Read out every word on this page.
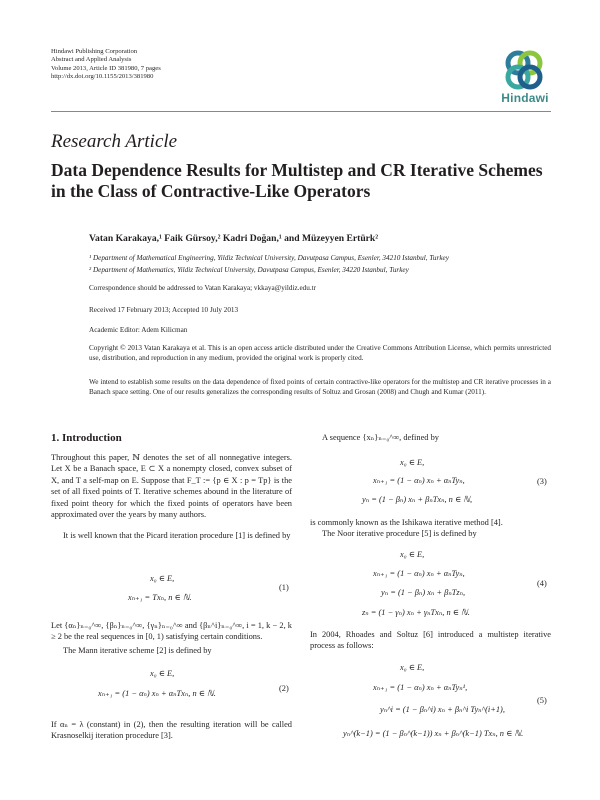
Hindawi Publishing Corporation
Abstract and Applied Analysis
Volume 2013, Article ID 381980, 7 pages
http://dx.doi.org/10.1155/2013/381980
Hindawi
Research Article
Data Dependence Results for Multistep and CR Iterative Schemes in the Class of Contractive-Like Operators
Vatan Karakaya,¹ Faik Gürsoy,² Kadri Doğan,¹ and Müzeyyen Ertürk²
¹ Department of Mathematical Engineering, Yildiz Technical University, Davutpasa Campus, Esenler, 34210 Istanbul, Turkey
² Department of Mathematics, Yildiz Technical University, Davutpasa Campus, Esenler, 34220 Istanbul, Turkey
Correspondence should be addressed to Vatan Karakaya; vkkaya@yildiz.edu.tr
Received 17 February 2013; Accepted 10 July 2013
Academic Editor: Adem Kilicman
Copyright © 2013 Vatan Karakaya et al. This is an open access article distributed under the Creative Commons Attribution License, which permits unrestricted use, distribution, and reproduction in any medium, provided the original work is properly cited.
We intend to establish some results on the data dependence of fixed points of certain contractive-like operators for the multistep and CR iterative processes in a Banach space setting. One of our results generalizes the corresponding results of Soltuz and Grosan (2008) and Chugh and Kumar (2011).
1. Introduction
Throughout this paper, ℕ denotes the set of all nonnegative integers. Let X be a Banach space, E ⊂ X a nonempty closed, convex subset of X, and T a self-map on E. Suppose that F_T := {p ∈ X : p = Tp} is the set of all fixed points of T. Iterative schemes abound in the literature of fixed point theory for which the fixed points of operators have been approximated over the years by many authors.
It is well known that the Picard iteration procedure [1] is defined by
x₀ ∈ E,
xₙ₊₁ = Txₙ, n ∈ ℕ.
(1)
Let {αₙ}ₙ₌₀^∞, {βₙ}ₙ₌₀^∞, {γₙ}ₙ₌₀^∞ and {βₙ^i}ₙ₌₀^∞, i = 1, k − 2, k ≥ 2 be the real sequences in [0, 1) satisfying certain conditions.
The Mann iterative scheme [2] is defined by
x₀ ∈ E,
xₙ₊₁ = (1 − αₙ) xₙ + αₙTxₙ, n ∈ ℕ.
(2)
If αₙ = λ (constant) in (2), then the resulting iteration will be called Krasnoselkij iteration procedure [3].
A sequence {xₙ}ₙ₌₀^∞, defined by
x₀ ∈ E,
xₙ₊₁ = (1 − αₙ) xₙ + αₙTyₙ,
yₙ = (1 − βₙ) xₙ + βₙTxₙ, n ∈ ℕ,
(3)
is commonly known as the Ishikawa iterative method [4].
The Noor iterative procedure [5] is defined by
x₀ ∈ E,
xₙ₊₁ = (1 − αₙ) xₙ + αₙTyₙ,
yₙ = (1 − βₙ) xₙ + βₙTzₙ,
zₙ = (1 − γₙ) xₙ + γₙTxₙ, n ∈ ℕ.
(4)
In 2004, Rhoades and Soltuz [6] introduced a multistep iterative process as follows:
x₀ ∈ E,
xₙ₊₁ = (1 − αₙ) xₙ + αₙTyₙ¹,
yₙ^i = (1 − βₙ^i) xₙ + βₙ^i Tyₙ^(i+1),
yₙ^(k−1) = (1 − βₙ^(k−1)) xₙ + βₙ^(k−1) Txₙ, n ∈ ℕ.
(5)
